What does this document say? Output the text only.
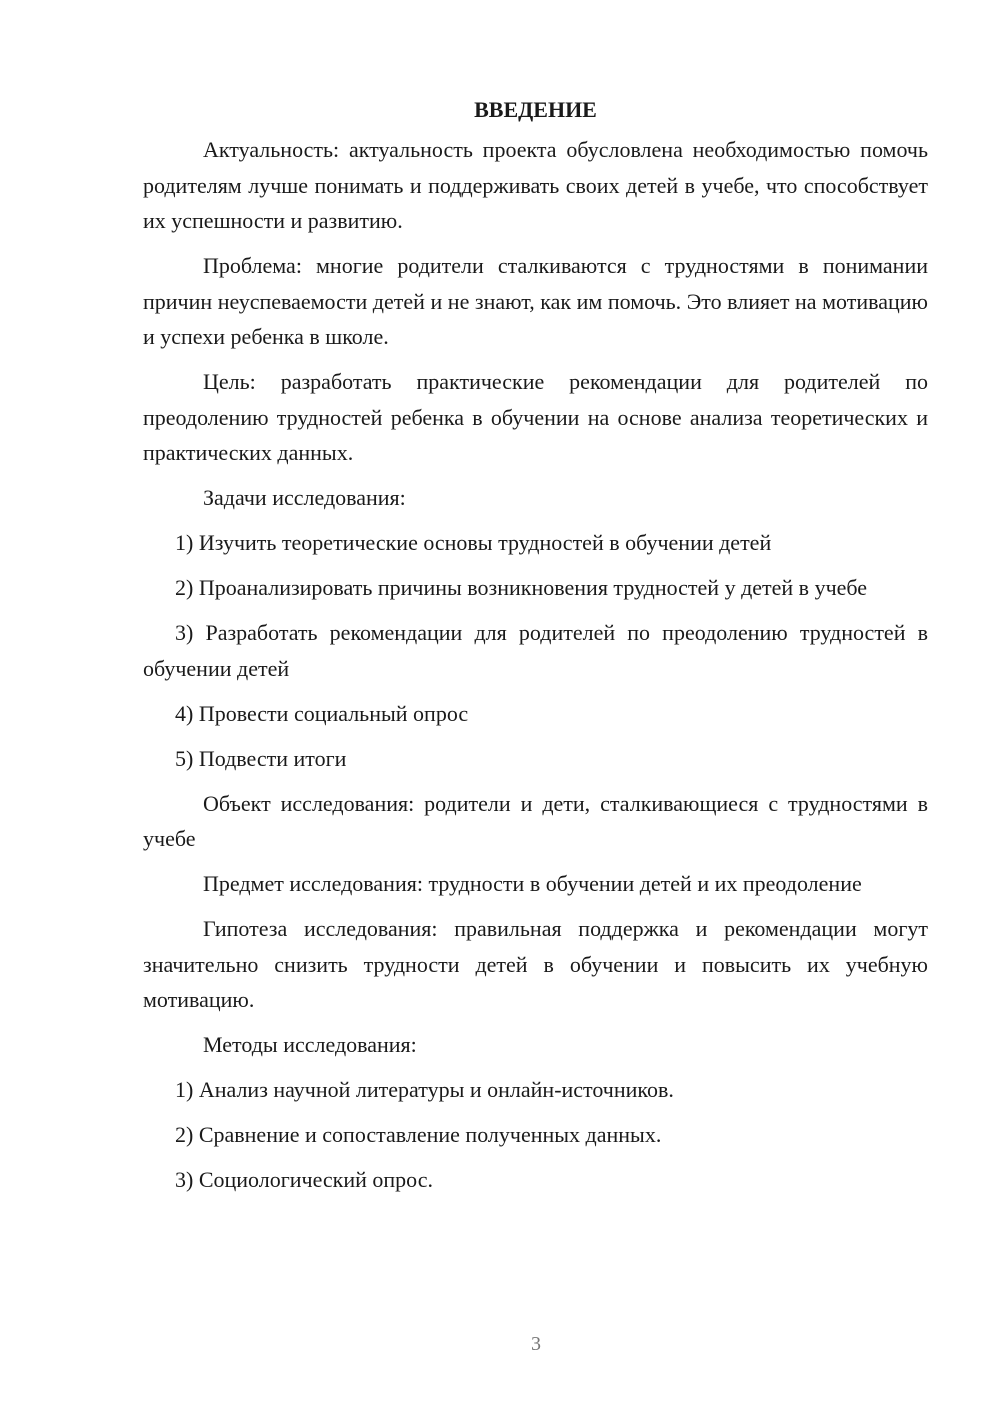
ВВЕДЕНИЕ

Актуальность: актуальность проекта обусловлена необходимостью помочь родителям лучше понимать и поддерживать своих детей в учебе, что способствует их успешности и развитию.

Проблема: многие родители сталкиваются с трудностями в понимании причин неуспеваемости детей и не знают, как им помочь. Это влияет на мотивацию и успехи ребенка в школе.

Цель: разработать практические рекомендации для родителей по преодолению трудностей ребенка в обучении на основе анализа теоретических и практических данных.

Задачи исследования:

1) Изучить теоретические основы трудностей в обучении детей

2) Проанализировать причины возникновения трудностей у детей в учебе

3) Разработать рекомендации для родителей по преодолению трудностей в обучении детей

4) Провести социальный опрос

5) Подвести итоги

Объект исследования: родители и дети, сталкивающиеся с трудностями в учебе

Предмет исследования: трудности в обучении детей и их преодоление

Гипотеза исследования: правильная поддержка и рекомендации могут значительно снизить трудности детей в обучении и повысить их учебную мотивацию.

Методы исследования:

1) Анализ научной литературы и онлайн-источников.

2) Сравнение и сопоставление полученных данных.

3) Социологический опрос.

3
